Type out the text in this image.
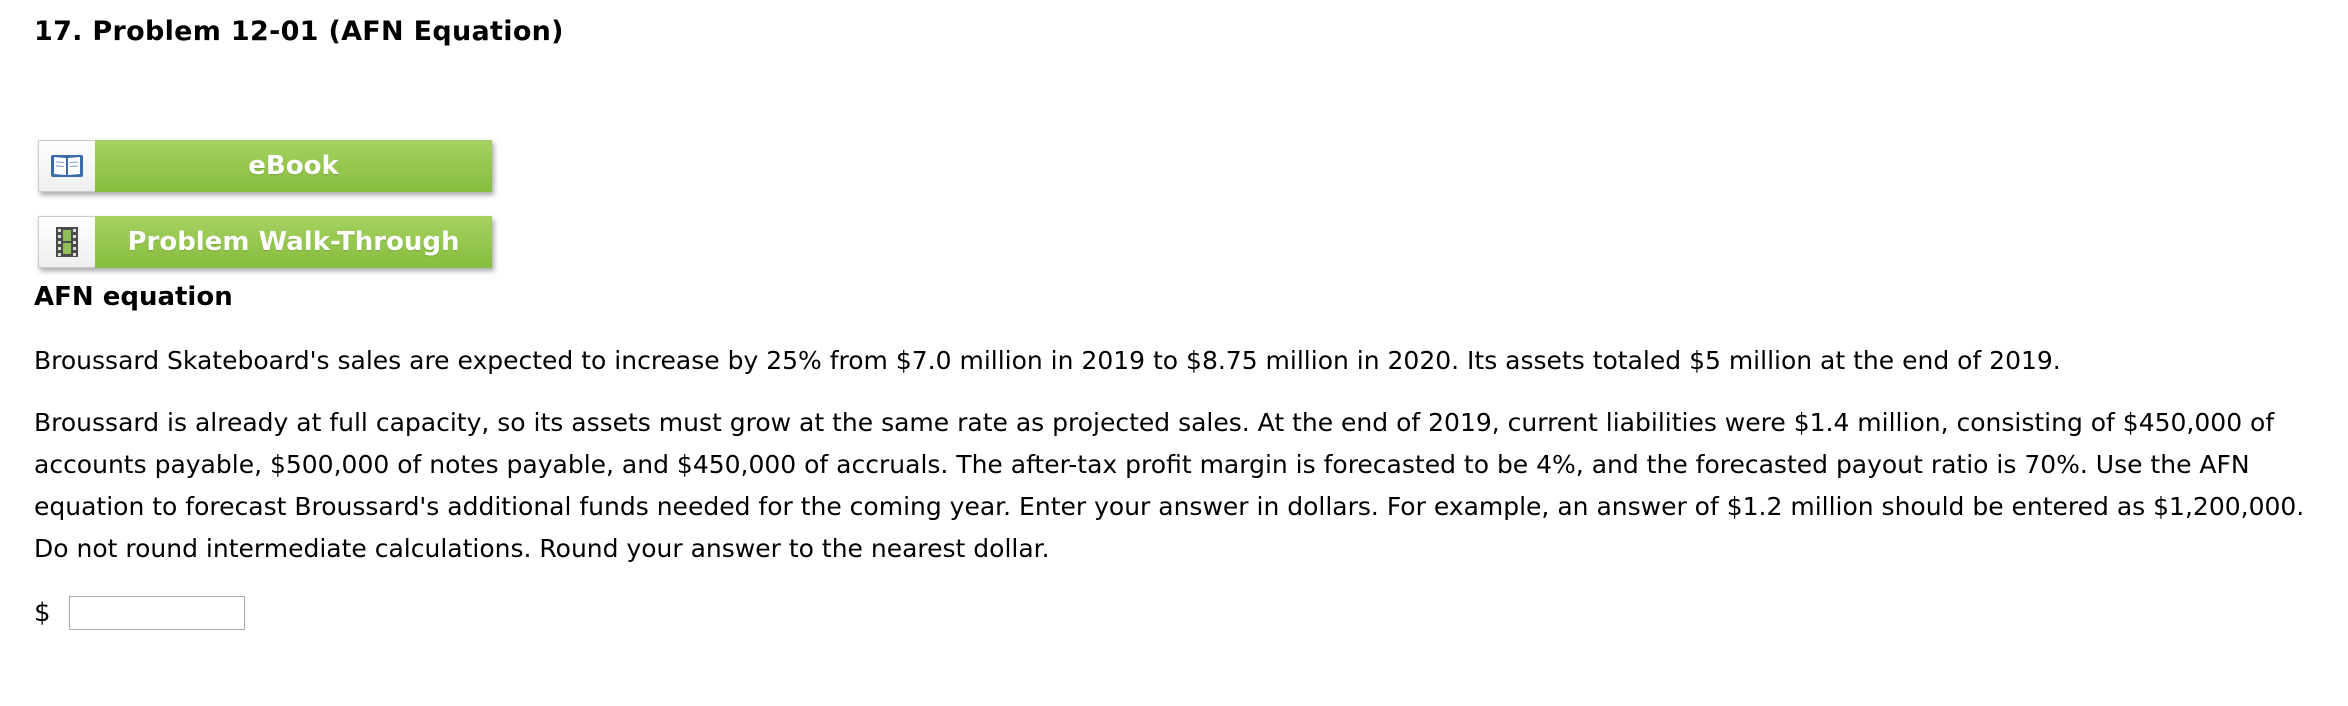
17. Problem 12-01 (AFN Equation)
eBook
Problem Walk-Through
AFN equation
Broussard Skateboard's sales are expected to increase by 25% from $7.0 million in 2019 to $8.75 million in 2020. Its assets totaled $5 million at the end of 2019.
Broussard is already at full capacity, so its assets must grow at the same rate as projected sales. At the end of 2019, current liabilities were $1.4 million, consisting of $450,000 of accounts payable, $500,000 of notes payable, and $450,000 of accruals. The after-tax profit margin is forecasted to be 4%, and the forecasted payout ratio is 70%. Use the AFN equation to forecast Broussard's additional funds needed for the coming year. Enter your answer in dollars. For example, an answer of $1.2 million should be entered as $1,200,000. Do not round intermediate calculations. Round your answer to the nearest dollar.
$
